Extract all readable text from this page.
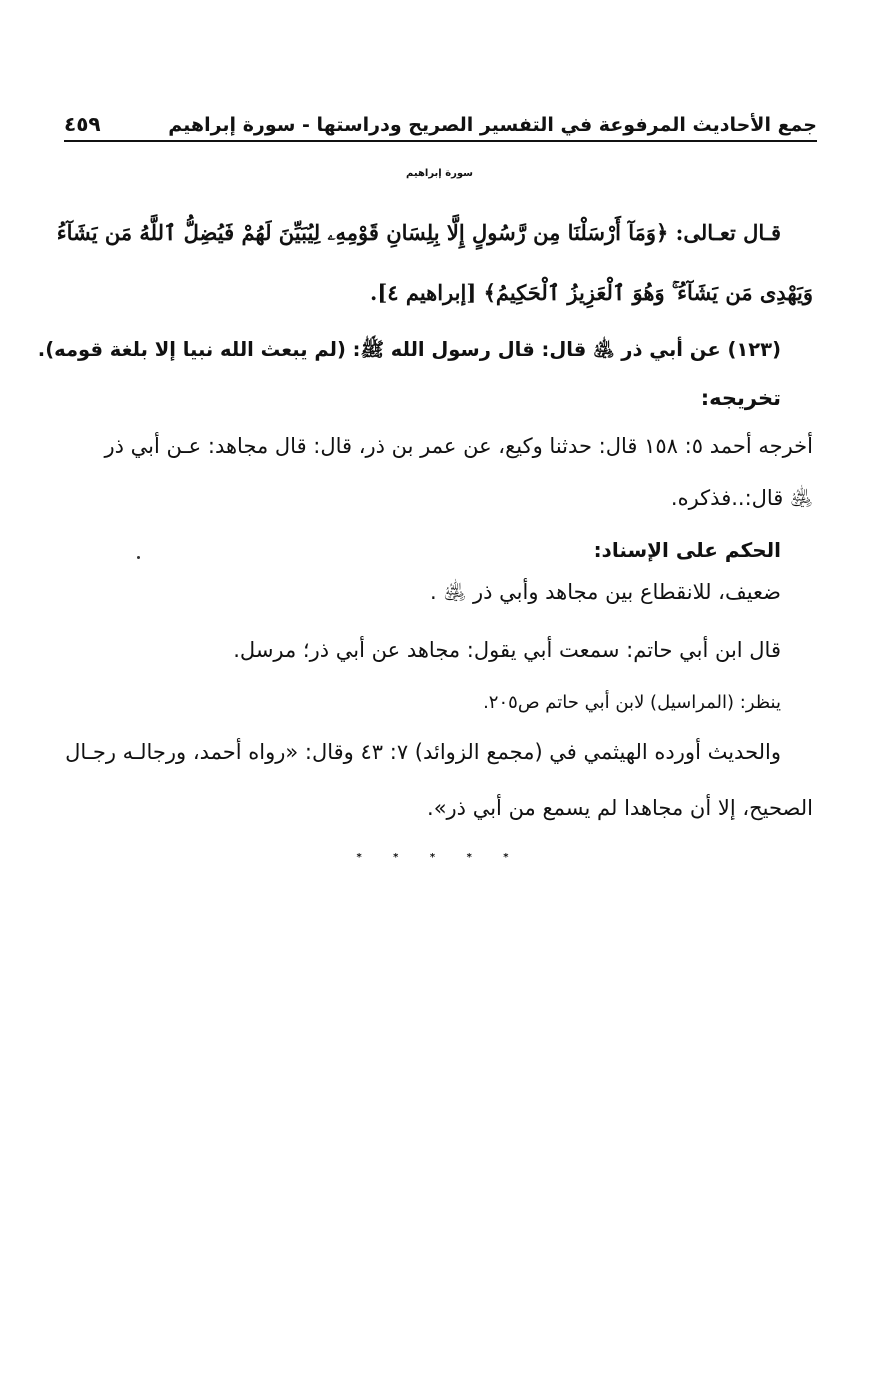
جمع الأحاديث المرفوعة في التفسير الصريح ودراستها - سورة إبراهيم
٤٥٩
سورة إبراهيم
قـال تعـالى: ﴿وَمَآ أَرْسَلْنَا مِن رَّسُولٍ إِلَّا بِلِسَانِ قَوْمِهِۦ لِيُبَيِّنَ لَهُمْ فَيُضِلُّ ٱللَّهُ مَن يَشَآءُ
وَيَهْدِى مَن يَشَآءُ ۚ وَهُوَ ٱلْعَزِيزُ ٱلْحَكِيمُ﴾ [إبراهيم ٤].
(١٢٣) عن أبي ذر ﵁ قال: قال رسول الله ﷺ: (لم يبعث الله نبيا إلا بلغة قومه).
تخريجه:
أخرجه أحمد ٥: ١٥٨ قال: حدثنا وكيع، عن عمر بن ذر، قال: قال مجاهد: عـن أبي ذر
﵁ قال:..فذكره.
الحكم على الإسناد:
ضعيف، للانقطاع بين مجاهد وأبي ذر ﵁ .
قال ابن أبي حاتم: سمعت أبي يقول: مجاهد عن أبي ذر؛ مرسل.
ينظر: (المراسيل) لابن أبي حاتم ص٢٠٥.
والحديث أورده الهيثمي في (مجمع الزوائد) ٧: ٤٣ وقال: «رواه أحمد، ورجالـه رجـال
الصحيح، إلا أن مجاهدا لم يسمع من أبي ذر».
* * * * *
